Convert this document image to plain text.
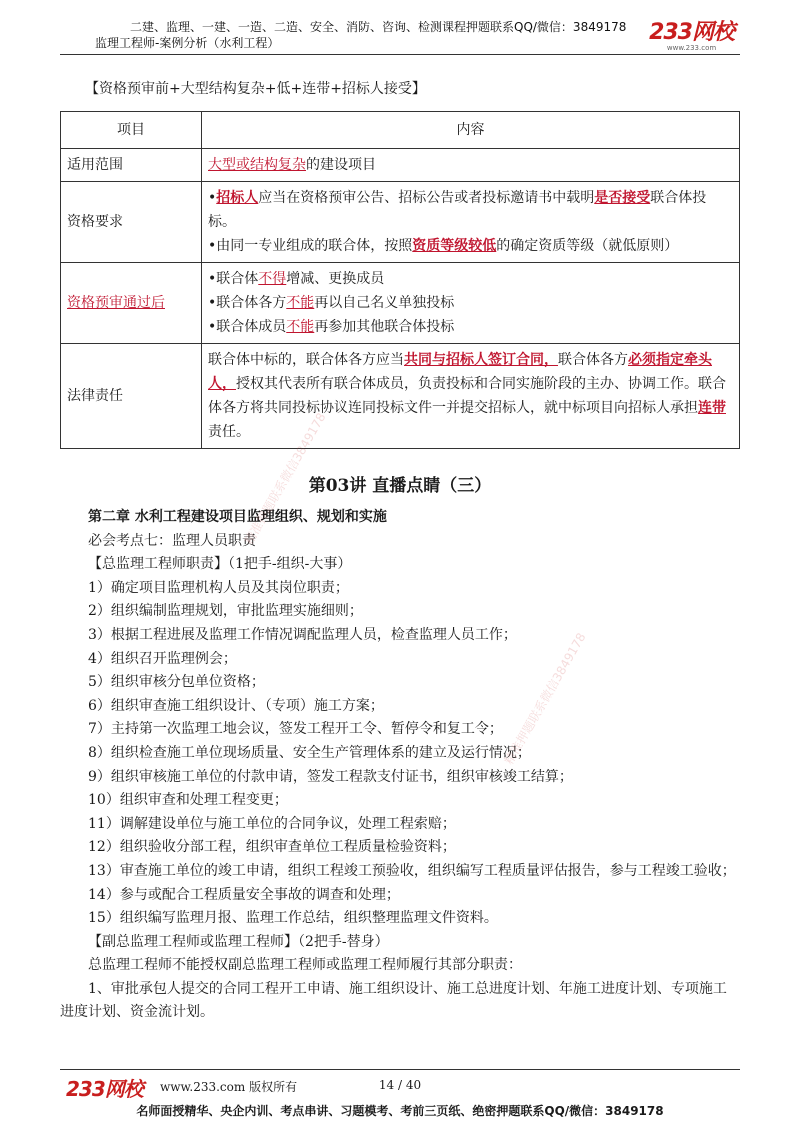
二建、监理、一建、一造、二造、安全、消防、咨询、检测课程押题联系QQ/微信：3849178
监理工程师-案例分析（水利工程）	233网校
www.233.com
【资格预审前+大型结构复杂+低+连带+招标人接受】
项目	内容
适用范围	大型或结构复杂的建设项目
资格要求	•招标人应当在资格预审公告、招标公告或者投标邀请书中载明是否接受联合体投标。
•由同一专业组成的联合体，按照资质等级较低的确定资质等级（就低原则）

资格预审通过后	•联合体不得增减、更换成员
•联合体各方不能再以自己名义单独投标
•联合体成员不能再参加其他联合体投标

法律责任	联合体中标的，联合体各方应当共同与招标人签订合同，联合体各方必须指定牵头人，授权其代表所有联合体成员，负责投标和合同实施阶段的主办、协调工作。联合体各方将共同投标协议连同投标文件一并提交招标人，就中标项目向招标人承担连带责任。
第03讲 直播点睛（三）
第二章 水利工程建设项目监理组织、规划和实施
必会考点七：监理人员职责
【总监理工程师职责】（1把手-组织-大事）
1）确定项目监理机构人员及其岗位职责；
2）组织编制监理规划，审批监理实施细则；
3）根据工程进展及监理工作情况调配监理人员，检查监理人员工作；
4）组织召开监理例会；
5）组织审核分包单位资格；
6）组织审查施工组织设计、（专项）施工方案；
7）主持第一次监理工地会议，签发工程开工令、暂停令和复工令；
8）组织检查施工单位现场质量、安全生产管理体系的建立及运行情况；
9）组织审核施工单位的付款申请，签发工程款支付证书，组织审核竣工结算；
10）组织审查和处理工程变更；
11）调解建设单位与施工单位的合同争议，处理工程索赔；
12）组织验收分部工程，组织审查单位工程质量检验资料；
13）审查施工单位的竣工申请，组织工程竣工预验收，组织编写工程质量评估报告，参与工程竣工验收；
14）参与或配合工程质量安全事故的调查和处理；
15）组织编写监理月报、监理工作总结，组织整理监理文件资料。
【副总监理工程师或监理工程师】（2把手-替身）
总监理工程师不能授权副总监理工程师或监理工程师履行其部分职责：
1、审批承包人提交的合同工程开工申请、施工组织设计、施工总进度计划、年施工进度计划、专项施工进度计划、资金流计划。
精准押题联系微信3849178
精准押题联系微信3849178
233网校 www.233.com 版权所有	14 / 40
名师面授精华、央企内训、考点串讲、习题模考、考前三页纸、绝密押题联系QQ/微信：3849178
